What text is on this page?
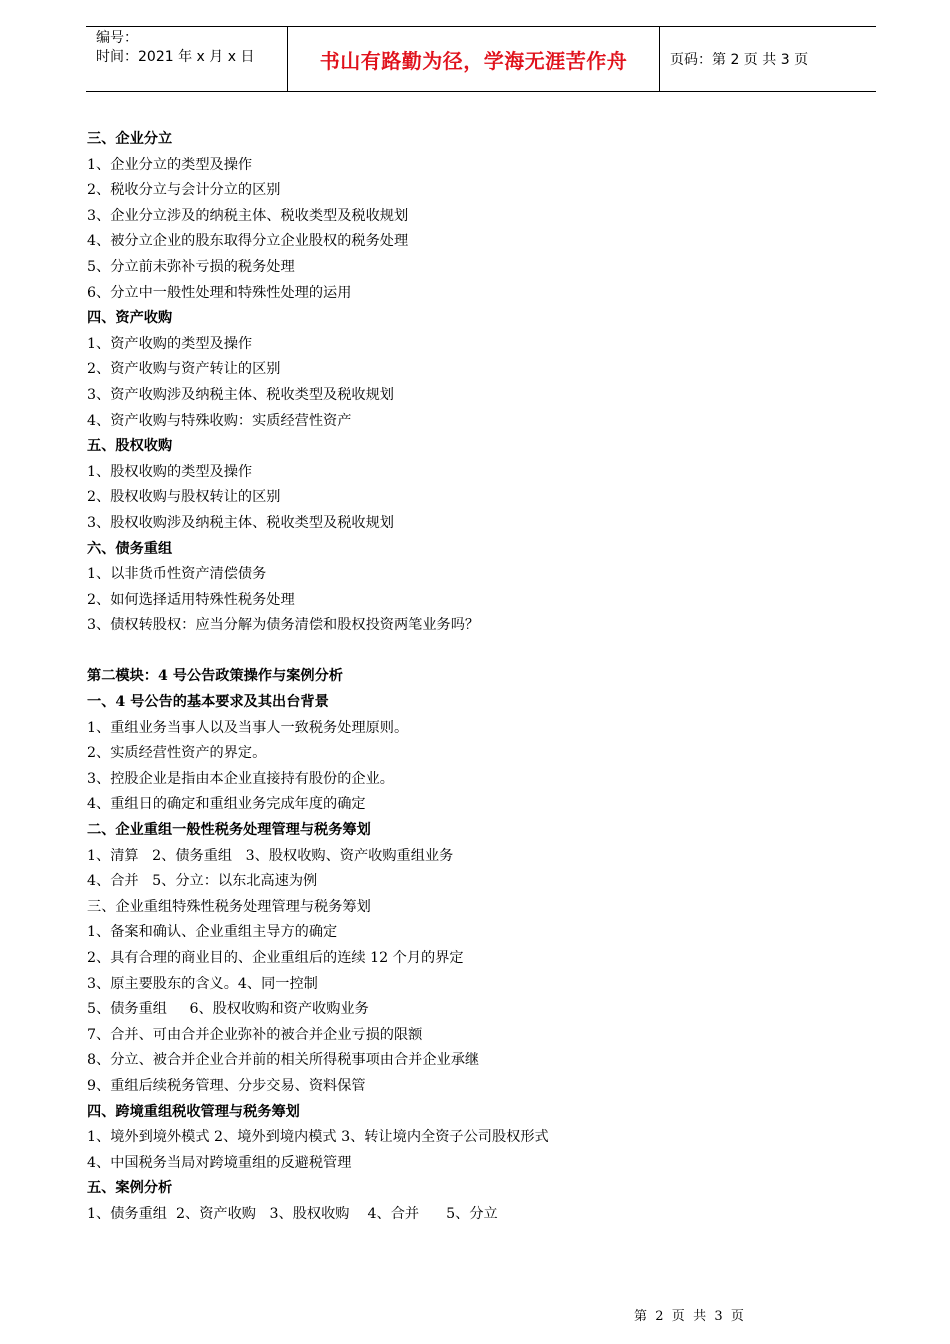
编号：
时间：2021 年 x 月 x 日	书山有路勤为径，学海无涯苦作舟	页码：第 2 页 共 3 页
三、企业分立
1、企业分立的类型及操作
2、税收分立与会计分立的区别
3、企业分立涉及的纳税主体、税收类型及税收规划
4、被分立企业的股东取得分立企业股权的税务处理
5、分立前未弥补亏损的税务处理
6、分立中一般性处理和特殊性处理的运用
四、资产收购
1、资产收购的类型及操作
2、资产收购与资产转让的区别
3、资产收购涉及纳税主体、税收类型及税收规划
4、资产收购与特殊收购：实质经营性资产
五、股权收购
1、股权收购的类型及操作
2、股权收购与股权转让的区别
3、股权收购涉及纳税主体、税收类型及税收规划
六、债务重组
1、以非货币性资产清偿债务
2、如何选择适用特殊性税务处理
3、债权转股权：应当分解为债务清偿和股权投资两笔业务吗？
第二模块：4 号公告政策操作与案例分析
一、4 号公告的基本要求及其出台背景
1、重组业务当事人以及当事人一致税务处理原则。
2、实质经营性资产的界定。
3、控股企业是指由本企业直接持有股份的企业。
4、重组日的确定和重组业务完成年度的确定
二、企业重组一般性税务处理管理与税务筹划
1、清算   2、债务重组   3、股权收购、资产收购重组业务
4、合并   5、分立：以东北高速为例
三、企业重组特殊性税务处理管理与税务筹划
1、备案和确认、企业重组主导方的确定
2、具有合理的商业目的、企业重组后的连续 12 个月的界定
3、原主要股东的含义。4、同一控制
5、债务重组     6、股权收购和资产收购业务
7、合并、可由合并企业弥补的被合并企业亏损的限额
8、分立、被合并企业合并前的相关所得税事项由合并企业承继
9、重组后续税务管理、分步交易、资料保管
四、跨境重组税收管理与税务筹划
1、境外到境外模式 2、境外到境内模式 3、转让境内全资子公司股权形式
4、中国税务当局对跨境重组的反避税管理
五、案例分析
1、债务重组  2、资产收购   3、股权收购    4、合并      5、分立
第  2  页  共  3  页
